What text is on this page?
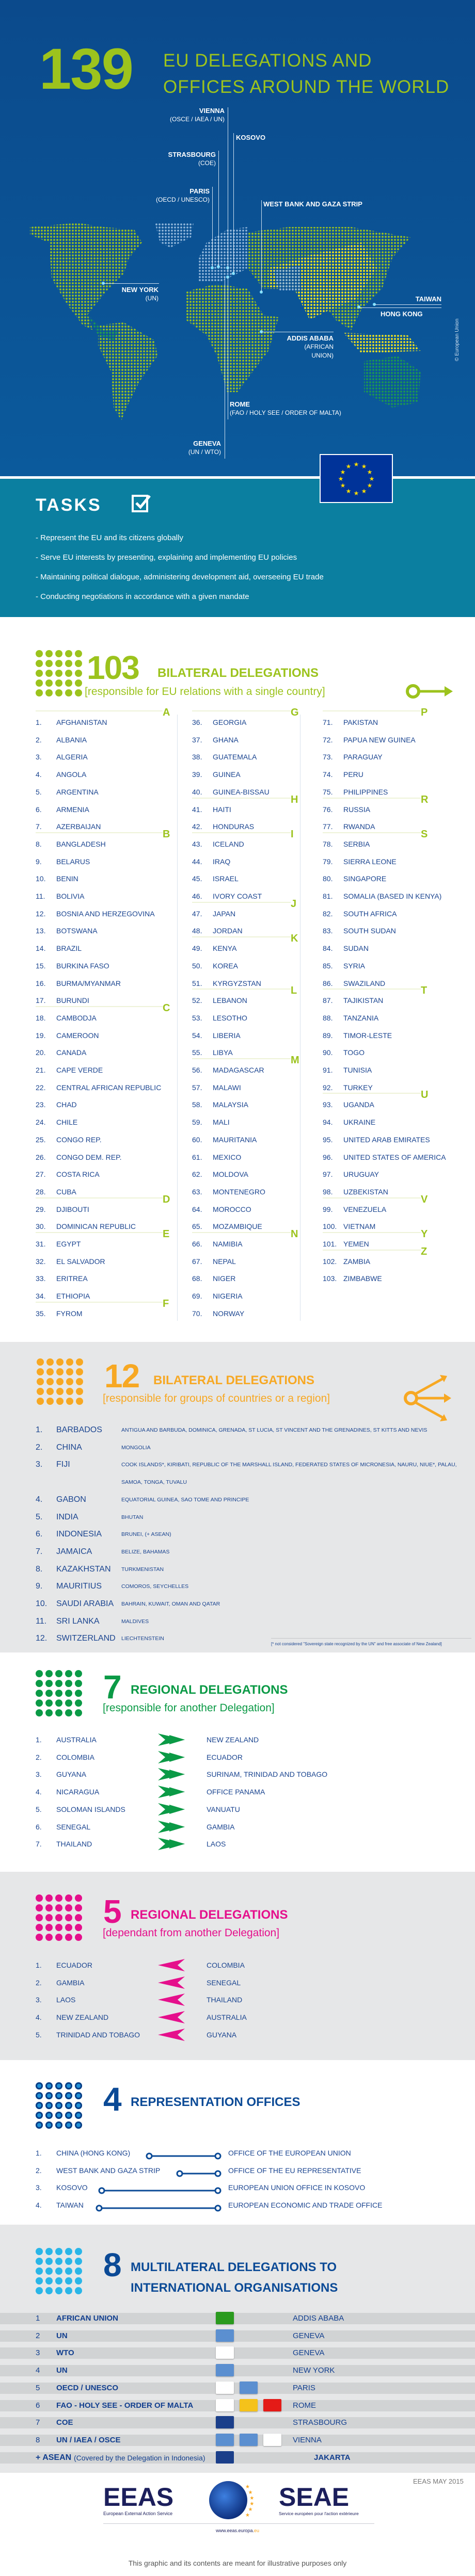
139 EU DELEGATIONS AND
OFFICES AROUND THE WORLD
VIENNA
(OSCE / IAEA / UN)
KOSOVO
STRASBOURG
(COE)
PARIS
(OECD / UNESCO)
WEST BANK AND GAZA STRIP
NEW YORK
(UN)	TAIWAN
HONG KONG
ADDIS ABABA
(AFRICAN
UNION)
ROME
(FAO / HOLY SEE / ORDER OF MALTA)
GENEVA
(UN / WTO)
© European Union
★ ★
★
★
★
★
★
★
★
★
★
★
TASKS
- Represent the EU and its citizens globally
- Serve EU interests by presenting, explaining and implementing EU policies
- Maintaining political dialogue, administering development aid, overseeing EU trade
- Conducting negotiations in accordance with a given mandate
103 BILATERAL DELEGATIONS
[responsible for EU relations with a single country]
12 BILATERAL DELEGATIONS
[responsible for groups of countries or a region]
[* not considered "Sovereign state recognized by the UN" and free associate of New Zealand]
7 REGIONAL DELEGATIONS
[responsible for another Delegation]
5 REGIONAL DELEGATIONS
[dependant from another Delegation]
4 REPRESENTATION OFFICES
8 MULTILATERAL DELEGATIONS TO
INTERNATIONAL ORGANISATIONS
EEAS MAY 2015
EEAS
European External Action Service
★
★
★
★
★
★
SEAE
Service européen pour l'action extérieure
www.eeas.europa.eu
This graphic and its contents are meant for illustrative purposes only
1. AFGHANISTAN
A
2. ALBANIA
3. ALGERIA
4. ANGOLA
5. ARGENTINA
6. ARMENIA
7. AZERBAIJAN
8. BANGLADESH
B
9. BELARUS
10. BENIN
11. BOLIVIA
12. BOSNIA AND HERZEGOVINA
13. BOTSWANA
14. BRAZIL
15. BURKINA FASO
16. BURMA/MYANMAR
17. BURUNDI
18. CAMBODJA
C
19. CAMEROON
20. CANADA
21. CAPE VERDE
22. CENTRAL AFRICAN REPUBLIC
23. CHAD
24. CHILE
25. CONGO REP.
26. CONGO DEM. REP.
27. COSTA RICA
28. CUBA
29. DJIBOUTI
D
30. DOMINICAN REPUBLIC
31. EGYPT
E
32. EL SALVADOR
33. ERITREA
34. ETHIOPIA
35. FYROM
F
36. GEORGIA
G
37. GHANA
38. GUATEMALA
39. GUINEA
40. GUINEA-BISSAU
41. HAITI
H
42. HONDURAS
43. ICELAND
I
44. IRAQ
45. ISRAEL
46. IVORY COAST
47. JAPAN
J
48. JORDAN
49. KENYA
K
50. KOREA
51. KYRGYZSTAN
52. LEBANON
L
53. LESOTHO
54. LIBERIA
55. LIBYA
56. MADAGASCAR
M
57. MALAWI
58. MALAYSIA
59. MALI
60. MAURITANIA
61. MEXICO
62. MOLDOVA
63. MONTENEGRO
64. MOROCCO
65. MOZAMBIQUE
66. NAMIBIA
N
67. NEPAL
68. NIGER
69. NIGERIA
70. NORWAY
71. PAKISTAN
P
72. PAPUA NEW GUINEA
73. PARAGUAY
74. PERU
75. PHILIPPINES
76. RUSSIA
R
77. RWANDA
78. SERBIA
S
79. SIERRA LEONE
80. SINGAPORE
81. SOMALIA (BASED IN KENYA)
82. SOUTH AFRICA
83. SOUTH SUDAN
84. SUDAN
85. SYRIA
86. SWAZILAND
87. TAJIKISTAN
T
88. TANZANIA
89. TIMOR-LESTE
90. TOGO
91. TUNISIA
92. TURKEY
93. UGANDA
U
94. UKRAINE
95. UNITED ARAB EMIRATES
96. UNITED STATES OF AMERICA
97. URUGUAY
98. UZBEKISTAN
99. VENEZUELA
V
100. VIETNAM
101. YEMEN
Y
102. ZAMBIA
Z
103. ZIMBABWE
1. BARBADOS	ANTIGUA AND BARBUDA, DOMINICA, GRENADA, ST LUCIA, ST VINCENT AND THE GRENADINES, ST KITTS AND NEVIS
2. CHINA	MONGOLIA
3. FIJI	COOK ISLANDS*, KIRIBATI, REPUBLIC OF THE MARSHALL ISLAND, FEDERATED STATES OF MICRONESIA, NAURU, NIUE*, PALAU,
SAMOA, TONGA, TUVALU
4. GABON	EQUATORIAL GUINEA, SAO TOME AND PRINCIPE
5. INDIA	BHUTAN
6. INDONESIA	BRUNEI, (+ ASEAN)
7. JAMAICA	BELIZE, BAHAMAS
8. KAZAKHSTAN TURKMENISTAN
9. MAURITIUS	COMOROS, SEYCHELLES
10. SAUDI ARABIA BAHRAIN, KUWAIT, OMAN AND QATAR
11. SRI LANKA	MALDIVES
12. SWITZERLAND LIECHTENSTEIN
1. AUSTRALIA	NEW ZEALAND
2. COLOMBIA	ECUADOR
3. GUYANA	SURINAM, TRINIDAD AND TOBAGO
4. NICARAGUA	OFFICE PANAMA
5. SOLOMAN ISLANDS	VANUATU
6. SENEGAL	GAMBIA
7. THAILAND	LAOS
1. ECUADOR	COLOMBIA
2. GAMBIA	SENEGAL
3. LAOS	THAILAND
4. NEW ZEALAND	AUSTRALIA
5. TRINIDAD AND TOBAGO	GUYANA
1. CHINA (HONG KONG)	OFFICE OF THE EUROPEAN UNION
2. WEST BANK AND GAZA STRIP	OFFICE OF THE EU REPRESENTATIVE
3. KOSOVO	EUROPEAN UNION OFFICE IN KOSOVO
4. TAIWAN	EUROPEAN ECONOMIC AND TRADE OFFICE
1 AFRICAN UNION	ADDIS ABABA
2 UN	GENEVA
3 WTO	GENEVA
4 UN	NEW YORK
5 OECD / UNESCO	PARIS
6 FAO - HOLY SEE - ORDER OF MALTA	ROME
7 COE	STRASBOURG
8 UN / IAEA / OSCE	VIENNA
+ ASEAN (Covered by the Delegation in Indonesia)	JAKARTA
